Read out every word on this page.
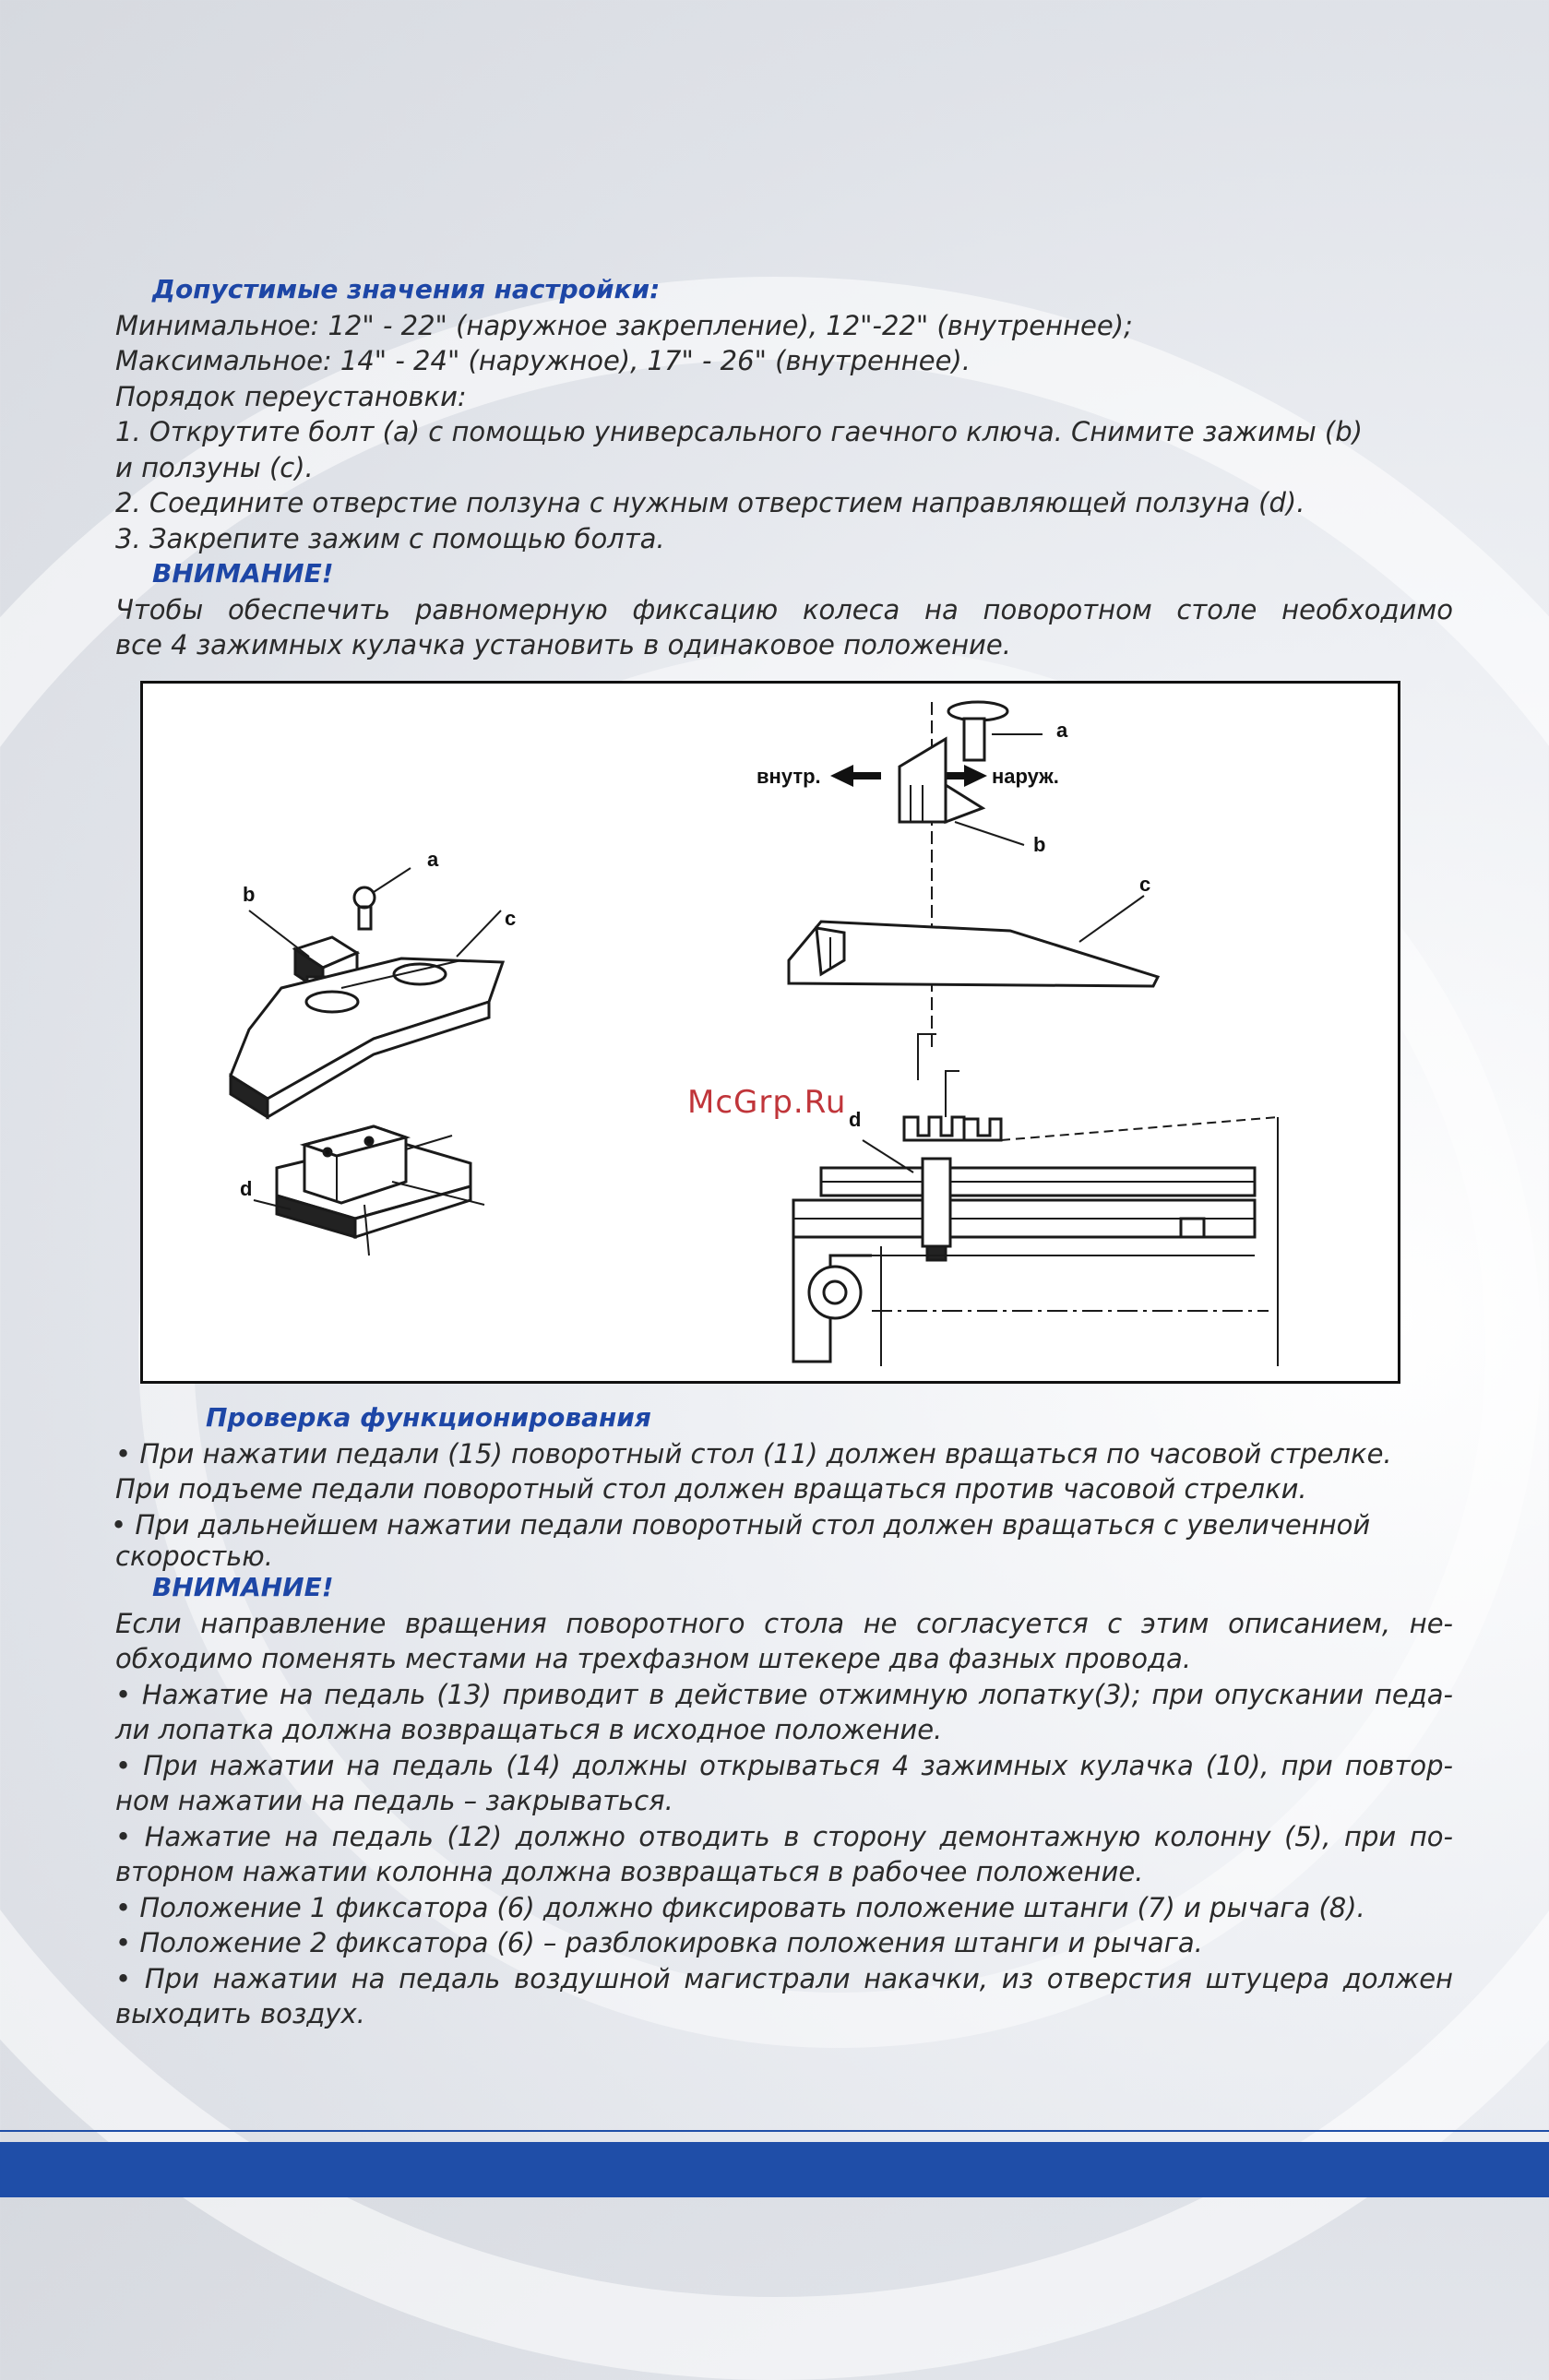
Допустимые значения настройки:
Минимальное: 12" - 22" (наружное закрепление), 12"-22" (внутреннее);
Максимальное: 14" - 24" (наружное), 17" - 26" (внутреннее).
Порядок переустановки:
1. Открутите болт (a) с помощью универсального гаечного ключа. Снимите зажимы (b)
и ползуны (c).
2. Соедините отверстие ползуна с нужным отверстием направляющей ползуна (d).
3. Закрепите зажим с помощью болта.
ВНИМАНИЕ!
Чтобы обеспечить равномерную фиксацию колеса на поворотном столе необходимо
все 4 зажимных кулачка установить в одинаковое положение.
a
b
c
d
внутр.	наруж.
a
b
c
d
McGrp.Ru
Проверка функционирования
• При нажатии педали (15) поворотный стол (11) должен вращаться по часовой стрелке.
При подъеме педали поворотный стол должен вращаться против часовой стрелки.
• При дальнейшем нажатии педали поворотный стол должен вращаться с увеличенной
скоростью.
ВНИМАНИЕ!
Если направление вращения поворотного стола не согласуется с этим описанием, не-
обходимо поменять местами на трехфазном штекере два фазных провода.
• Нажатие на педаль (13) приводит в действие отжимную лопатку(3); при опускании педа-
ли лопатка должна возвращаться в исходное положение.
• При нажатии на педаль (14) должны открываться 4 зажимных кулачка (10), при повтор-
ном нажатии на педаль – закрываться.
• Нажатие на педаль (12) должно отводить в сторону демонтажную колонну (5), при по-
вторном нажатии колонна должна возвращаться в рабочее положение.
• Положение 1 фиксатора (6) должно фиксировать положение штанги (7) и рычага (8).
• Положение 2 фиксатора (6) – разблокировка положения штанги и рычага.
• При нажатии на педаль воздушной магистрали накачки, из отверстия штуцера должен
выходить воздух.
